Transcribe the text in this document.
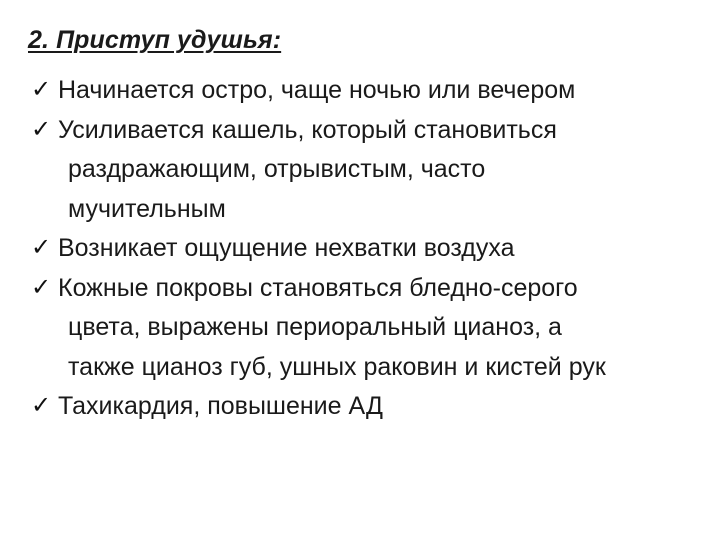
2. Приступ удушья:
✓ Начинается остро, чаще ночью или вечером
✓ Усиливается кашель, который становиться
раздражающим, отрывистым, часто
мучительным
✓ Возникает ощущение нехватки воздуха
✓ Кожные покровы становяться бледно-серого
цвета, выражены периоральный цианоз, а
также цианоз губ, ушных раковин и кистей рук
✓ Тахикардия, повышение АД
